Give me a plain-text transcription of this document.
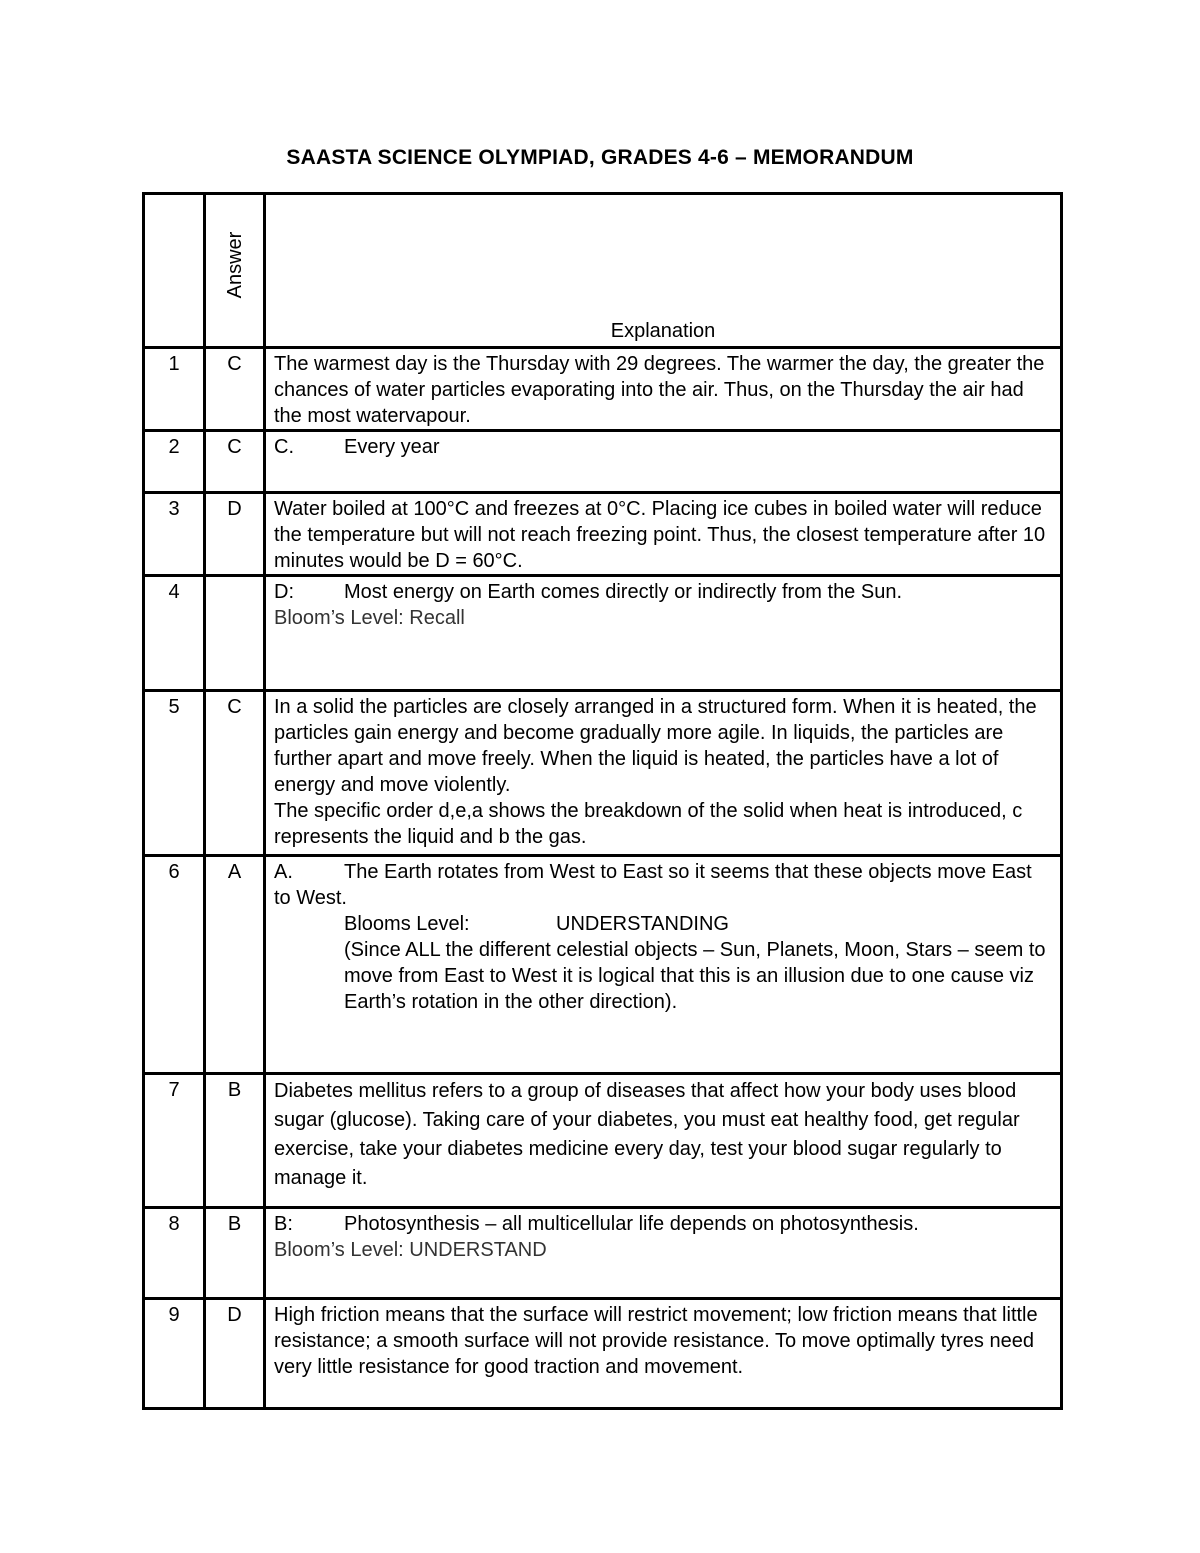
SAASTA SCIENCE OLYMPIAD, GRADES 4-6 – MEMORANDUM

	Answer	Explanation
1	C	The warmest day is the Thursday with 29 degrees. The warmer the day, the greater the chances of water particles evaporating into the air. Thus, on the Thursday the air had the most watervapour.

2	C	C. Every year
3	D	Water boiled at 100°C and freezes at 0°C. Placing ice cubes in boiled water will reduce the temperature but will not reach freezing point. Thus, the closest temperature after 10 minutes would be D = 60°C.

4		D: Most energy on Earth comes directly or indirectly from the Sun.
Bloom’s Level: Recall

5	C	In a solid the particles are closely arranged in a structured form. When it is heated, the particles gain energy and become gradually more agile. In liquids, the particles are further apart and move freely. When the liquid is heated, the particles have a lot of energy and move violently.
The specific order d,e,a shows the breakdown of the solid when heat is introduced, c represents the liquid and b the gas.

6	A	A. The Earth rotates from West to East so it seems that these objects move East to West.
Blooms Level: UNDERSTANDING
(Since ALL the different celestial objects – Sun, Planets, Moon, Stars – seem to move from East to West it is logical that this is an illusion due to one cause viz Earth’s rotation in the other direction).

7	B	Diabetes mellitus refers to a group of diseases that affect how your body uses blood sugar (glucose). Taking care of your diabetes, you must eat healthy food, get regular exercise, take your diabetes medicine every day, test your blood sugar regularly to manage it.

8	B	B: Photosynthesis – all multicellular life depends on photosynthesis.
Bloom’s Level: UNDERSTAND

9	D	High friction means that the surface will restrict movement; low friction means that little resistance; a smooth surface will not provide resistance. To move optimally tyres need very little resistance for good traction and movement.
